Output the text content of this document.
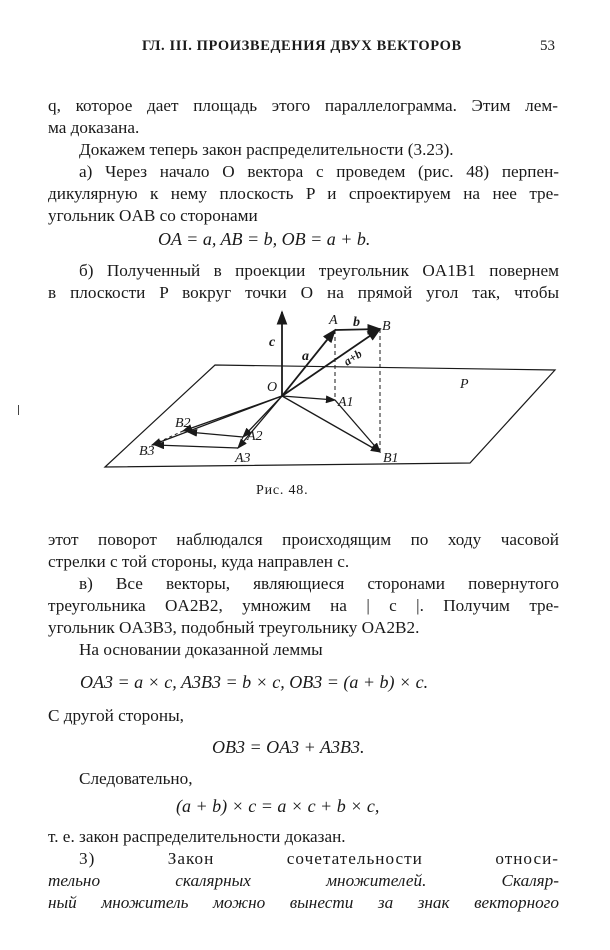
ГЛ. III. ПРОИЗВЕДЕНИЯ ДВУХ ВЕКТОРОВ	53
q, которое дает площадь этого параллелограмма. Этим лем-
ма доказана.
Докажем теперь закон распределительности (3.23).
а) Через начало O вектора c проведем (рис. 48) перпен-
дикулярную к нему плоскость P и спроектируем на нее тре-
угольник OAB со сторонами
OA = a, AB = b, OB = a + b.
б) Полученный в проекции треугольник OA1B1 повернем
в плоскости P вокруг точки O на прямой угол так, чтобы
c
a
b
a+b
A	B
O	P
A1
B1
A2
B2
A3
B3
Рис. 48.
этот поворот наблюдался происходящим по ходу часовой
стрелки с той стороны, куда направлен c.
в) Все векторы, являющиеся сторонами повернутого
треугольника OA2B2, умножим на | c |. Получим тре-
угольник OA3B3, подобный треугольнику OA2B2.
На основании доказанной леммы
OA3 = a × c, A3B3 = b × c, OB3 = (a + b) × c.
С другой стороны,
OB3 = OA3 + A3B3.
Следовательно,
(a + b) × c = a × c + b × c,
т. е. закон распределительности доказан.
3) Закон сочетательности относи-
тельно скалярных множителей. Скаляр-
ный множитель можно вынести за знак векторного
